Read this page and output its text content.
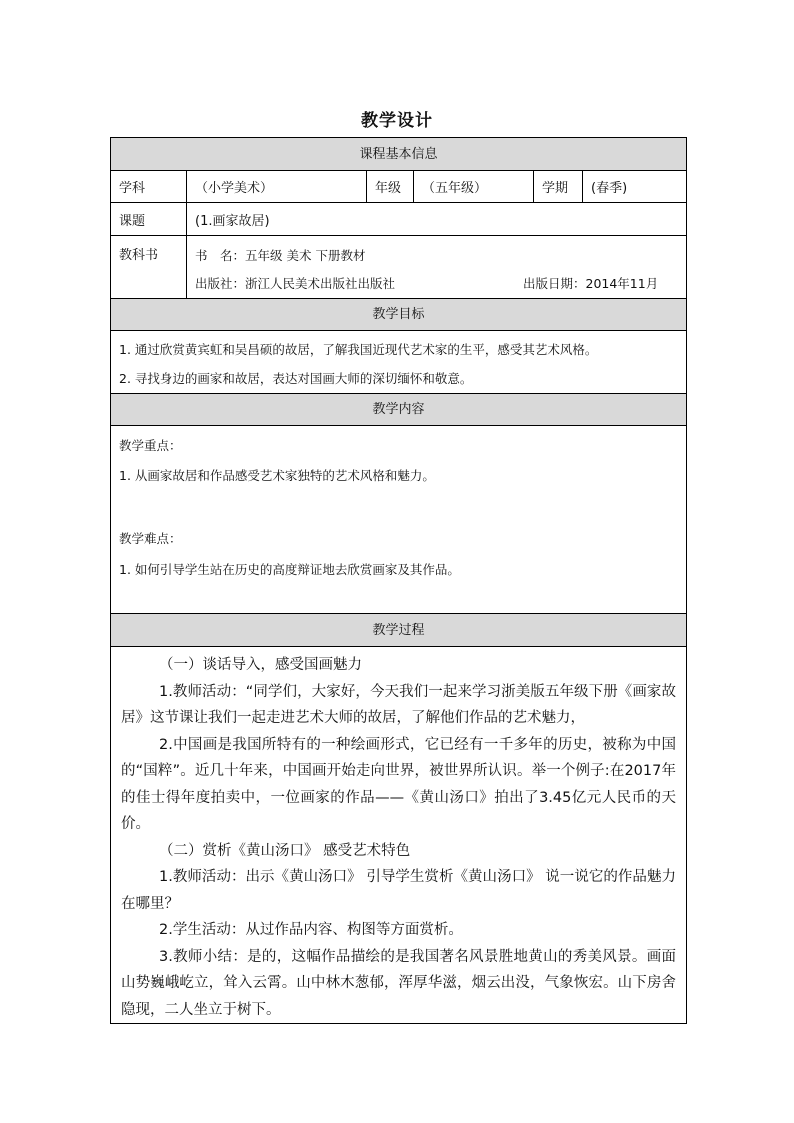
教学设计
课程基本信息
学科	（小学美术）	年级	（五年级）	学期	(春季)
课题	(1.画家故居)
教科书	书　名：五年级 美术 下册教材
出版社：浙江人民美术出版社出版社	出版日期：2014年11月
教学目标
1. 通过欣赏黄宾虹和吴昌硕的故居，了解我国近现代艺术家的生平，感受其艺术风格。
2. 寻找身边的画家和故居，表达对国画大师的深切缅怀和敬意。
教学内容
教学重点：
1. 从画家故居和作品感受艺术家独特的艺术风格和魅力。
教学难点：
1. 如何引导学生站在历史的高度辩证地去欣赏画家及其作品。
教学过程

（一）谈话导入，感受国画魅力

1.教师活动：“同学们，大家好，今天我们一起来学习浙美版五年级下册《画家故居》这节课让我们一起走进艺术大师的故居，了解他们作品的艺术魅力，

2.中国画是我国所特有的一种绘画形式，它已经有一千多年的历史，被称为中国的“国粹”。近几十年来，中国画开始走向世界，被世界所认识。举一个例子:在2017年的佳士得年度拍卖中，一位画家的作品——《黄山汤口》拍出了3.45亿元人民币的天价。

（二）赏析《黄山汤口》 感受艺术特色

1.教师活动：出示《黄山汤口》 引导学生赏析《黄山汤口》 说一说它的作品魅力在哪里？

2.学生活动：从过作品内容、构图等方面赏析。

3.教师小结：是的，这幅作品描绘的是我国著名风景胜地黄山的秀美风景。画面山势巍峨屹立，耸入云霄。山中林木葱郁，浑厚华滋，烟云出没，气象恢宏。山下房舍隐现，二人坐立于树下。
